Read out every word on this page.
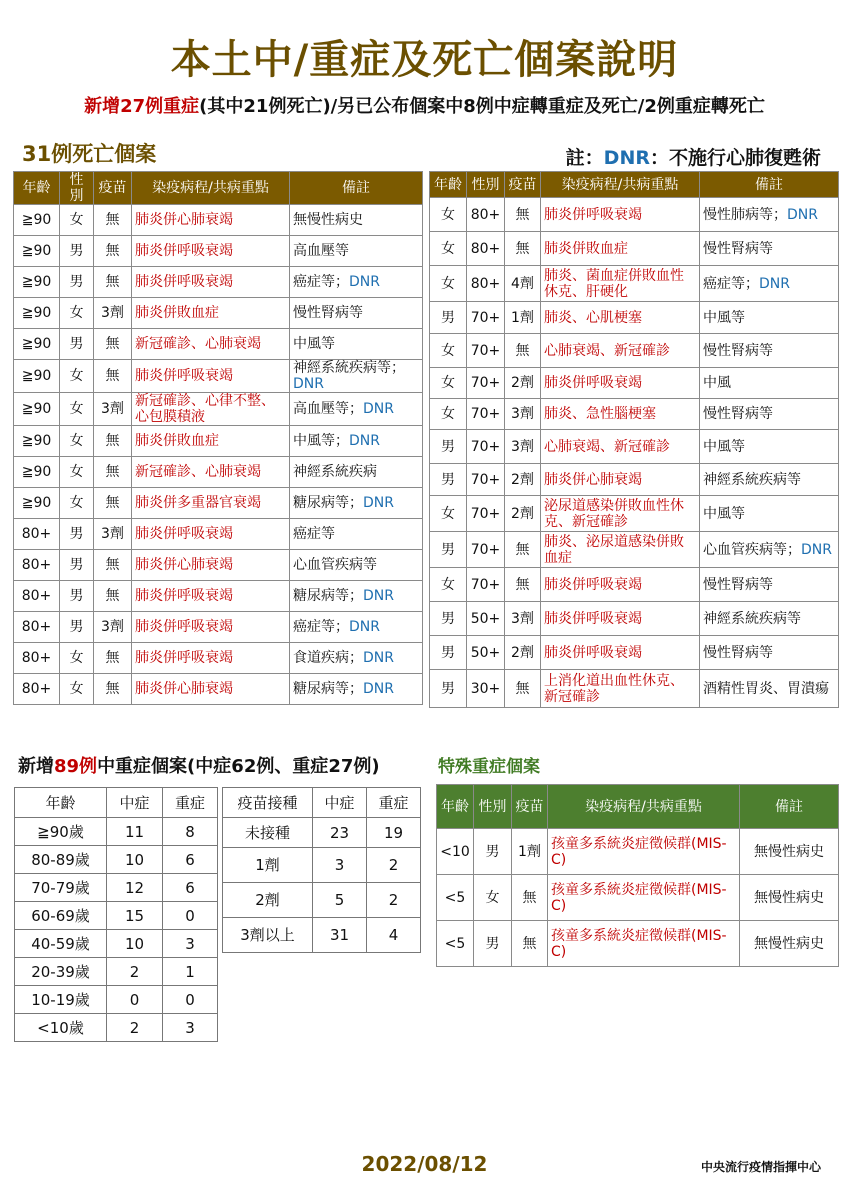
本土中/重症及死亡個案說明
新增27例重症(其中21例死亡)/另已公布個案中8例中症轉重症及死亡/2例重症轉死亡
31例死亡個案	註：DNR：不施行心肺復甦術
年齡	性別	疫苗	染疫病程/共病重點	備註
≧90	女	無	肺炎併心肺衰竭	無慢性病史
≧90	男	無	肺炎併呼吸衰竭	高血壓等
≧90	男	無	肺炎併呼吸衰竭	癌症等；DNR
≧90	女	3劑	肺炎併敗血症	慢性腎病等
≧90	男	無	新冠確診、心肺衰竭	中風等
≧90	女	無	肺炎併呼吸衰竭	神經系統疾病等；DNR
≧90	女	3劑	新冠確診、心律不整、心包膜積液	高血壓等；DNR
≧90	女	無	肺炎併敗血症	中風等；DNR
≧90	女	無	新冠確診、心肺衰竭	神經系統疾病
≧90	女	無	肺炎併多重器官衰竭	糖尿病等；DNR
80+	男	3劑	肺炎併呼吸衰竭	癌症等
80+	男	無	肺炎併心肺衰竭	心血管疾病等
80+	男	無	肺炎併呼吸衰竭	糖尿病等；DNR
80+	男	3劑	肺炎併呼吸衰竭	癌症等；DNR
80+	女	無	肺炎併呼吸衰竭	食道疾病；DNR
80+	女	無	肺炎併心肺衰竭	糖尿病等；DNR
年齡	性別	疫苗	染疫病程/共病重點	備註
女	80+	無	肺炎併呼吸衰竭	慢性肺病等；DNR
女	80+	無	肺炎併敗血症	慢性腎病等
女	80+	4劑	肺炎、菌血症併敗血性休克、肝硬化	癌症等；DNR
男	70+	1劑	肺炎、心肌梗塞	中風等
女	70+	無	心肺衰竭、新冠確診	慢性腎病等
女	70+	2劑	肺炎併呼吸衰竭	中風
女	70+	3劑	肺炎、急性腦梗塞	慢性腎病等
男	70+	3劑	心肺衰竭、新冠確診	中風等
男	70+	2劑	肺炎併心肺衰竭	神經系統疾病等
女	70+	2劑	泌尿道感染併敗血性休克、新冠確診	中風等
男	70+	無	肺炎、泌尿道感染併敗血症	心血管疾病等；DNR
女	70+	無	肺炎併呼吸衰竭	慢性腎病等
男	50+	3劑	肺炎併呼吸衰竭	神經系統疾病等
男	50+	2劑	肺炎併呼吸衰竭	慢性腎病等
男	30+	無	上消化道出血性休克、新冠確診	酒精性胃炎、胃潰瘍
新增89例中重症個案(中症62例、重症27例)	特殊重症個案
年齡	中症	重症
≧90歲	11	8
80-89歲	10	6
70-79歲	12	6
60-69歲	15	0
40-59歲	10	3
20-39歲	2	1
10-19歲	0	0
<10歲	2	3
疫苗接種	中症	重症
未接種	23	19
1劑	3	2
2劑	5	2
3劑以上	31	4
年齡	性別	疫苗	染疫病程/共病重點	備註
<10	男	1劑	孩童多系統炎症徵候群(MIS-C)	無慢性病史
<5	女	無	孩童多系統炎症徵候群(MIS-C)	無慢性病史
<5	男	無	孩童多系統炎症徵候群(MIS-C)	無慢性病史
2022/08/12	中央流行疫情指揮中心
